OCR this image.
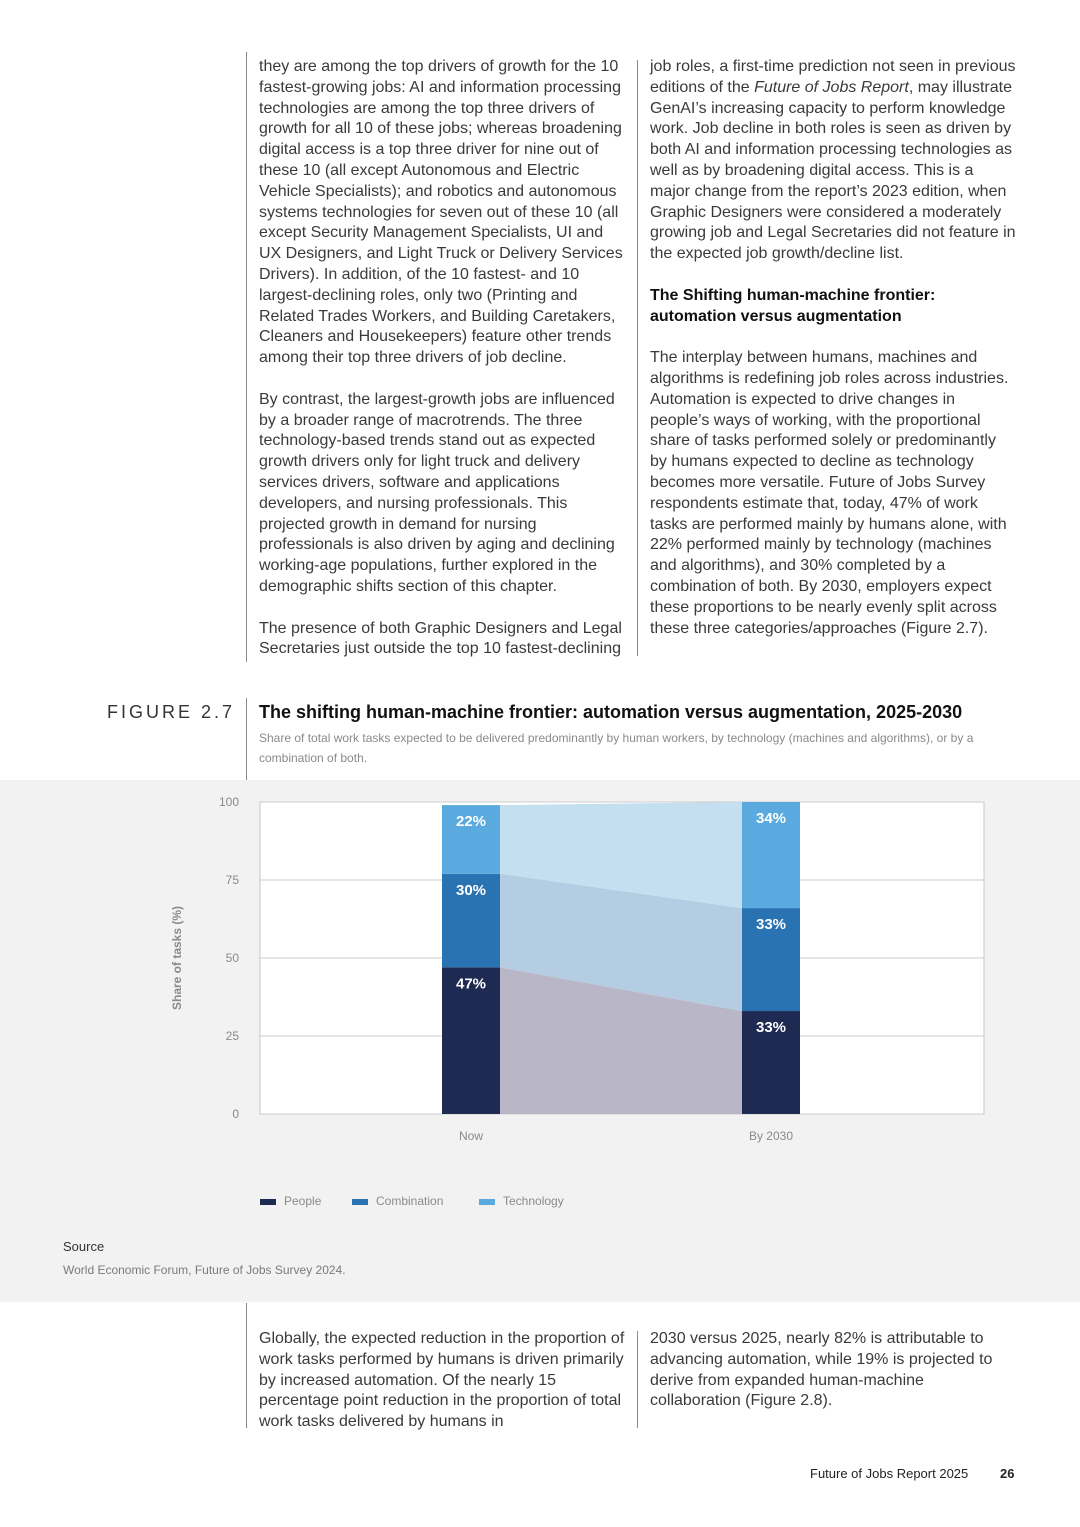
they are among the top drivers of growth for the 10 fastest-growing jobs: AI and information processing technologies are among the top three drivers of growth for all 10 of these jobs; whereas broadening digital access is a top three driver for nine out of these 10 (all except Autonomous and Electric Vehicle Specialists); and robotics and autonomous systems technologies for seven out of these 10 (all except Security Management Specialists, UI and UX Designers, and Light Truck or Delivery Services Drivers). In addition, of the 10 fastest- and 10 largest-declining roles, only two (Printing and Related Trades Workers, and Building Caretakers, Cleaners and Housekeepers) feature other trends among their top three drivers of job decline.

By contrast, the largest-growth jobs are influenced by a broader range of macrotrends. The three technology-based trends stand out as expected growth drivers only for light truck and delivery services drivers, software and applications developers, and nursing professionals. This projected growth in demand for nursing professionals is also driven by aging and declining working-age populations, further explored in the demographic shifts section of this chapter.

The presence of both Graphic Designers and Legal Secretaries just outside the top 10 fastest-declining

job roles, a first-time prediction not seen in previous editions of the Future of Jobs Report, may illustrate GenAI’s increasing capacity to perform knowledge work. Job decline in both roles is seen as driven by both AI and information processing technologies as well as by broadening digital access. This is a major change from the report’s 2023 edition, when Graphic Designers were considered a moderately growing job and Legal Secretaries did not feature in the expected job growth/decline list.

The Shifting human-machine frontier: automation versus augmentation

The interplay between humans, machines and algorithms is redefining job roles across industries. Automation is expected to drive changes in people’s ways of working, with the proportional share of tasks performed solely or predominantly by humans expected to decline as technology becomes more versatile. Future of Jobs Survey respondents estimate that, today, 47% of work tasks are performed mainly by humans alone, with 22% performed mainly by technology (machines and algorithms), and 30% completed by a combination of both. By 2030, employers expect these proportions to be nearly evenly split across these three categories/approaches (Figure 2.7).

FIGURE 2.7 The shifting human-machine frontier: automation versus augmentation, 2025-2030
Share of total work tasks expected to be delivered predominantly by human workers, by technology (machines and algorithms), or by a combination of both.
0
25
50
75
100
Share of tasks (%)	47%
30%
22%
Now
33%
33%
34%
By 2030
People	Combination	Technology
Source
World Economic Forum, Future of Jobs Survey 2024.

Globally, the expected reduction in the proportion of work tasks performed by humans is driven primarily by increased automation. Of the nearly 15 percentage point reduction in the proportion of total work tasks delivered by humans in

2030 versus 2025, nearly 82% is attributable to advancing automation, while 19% is projected to derive from expanded human-machine collaboration (Figure 2.8).

Future of Jobs Report 2025 26
